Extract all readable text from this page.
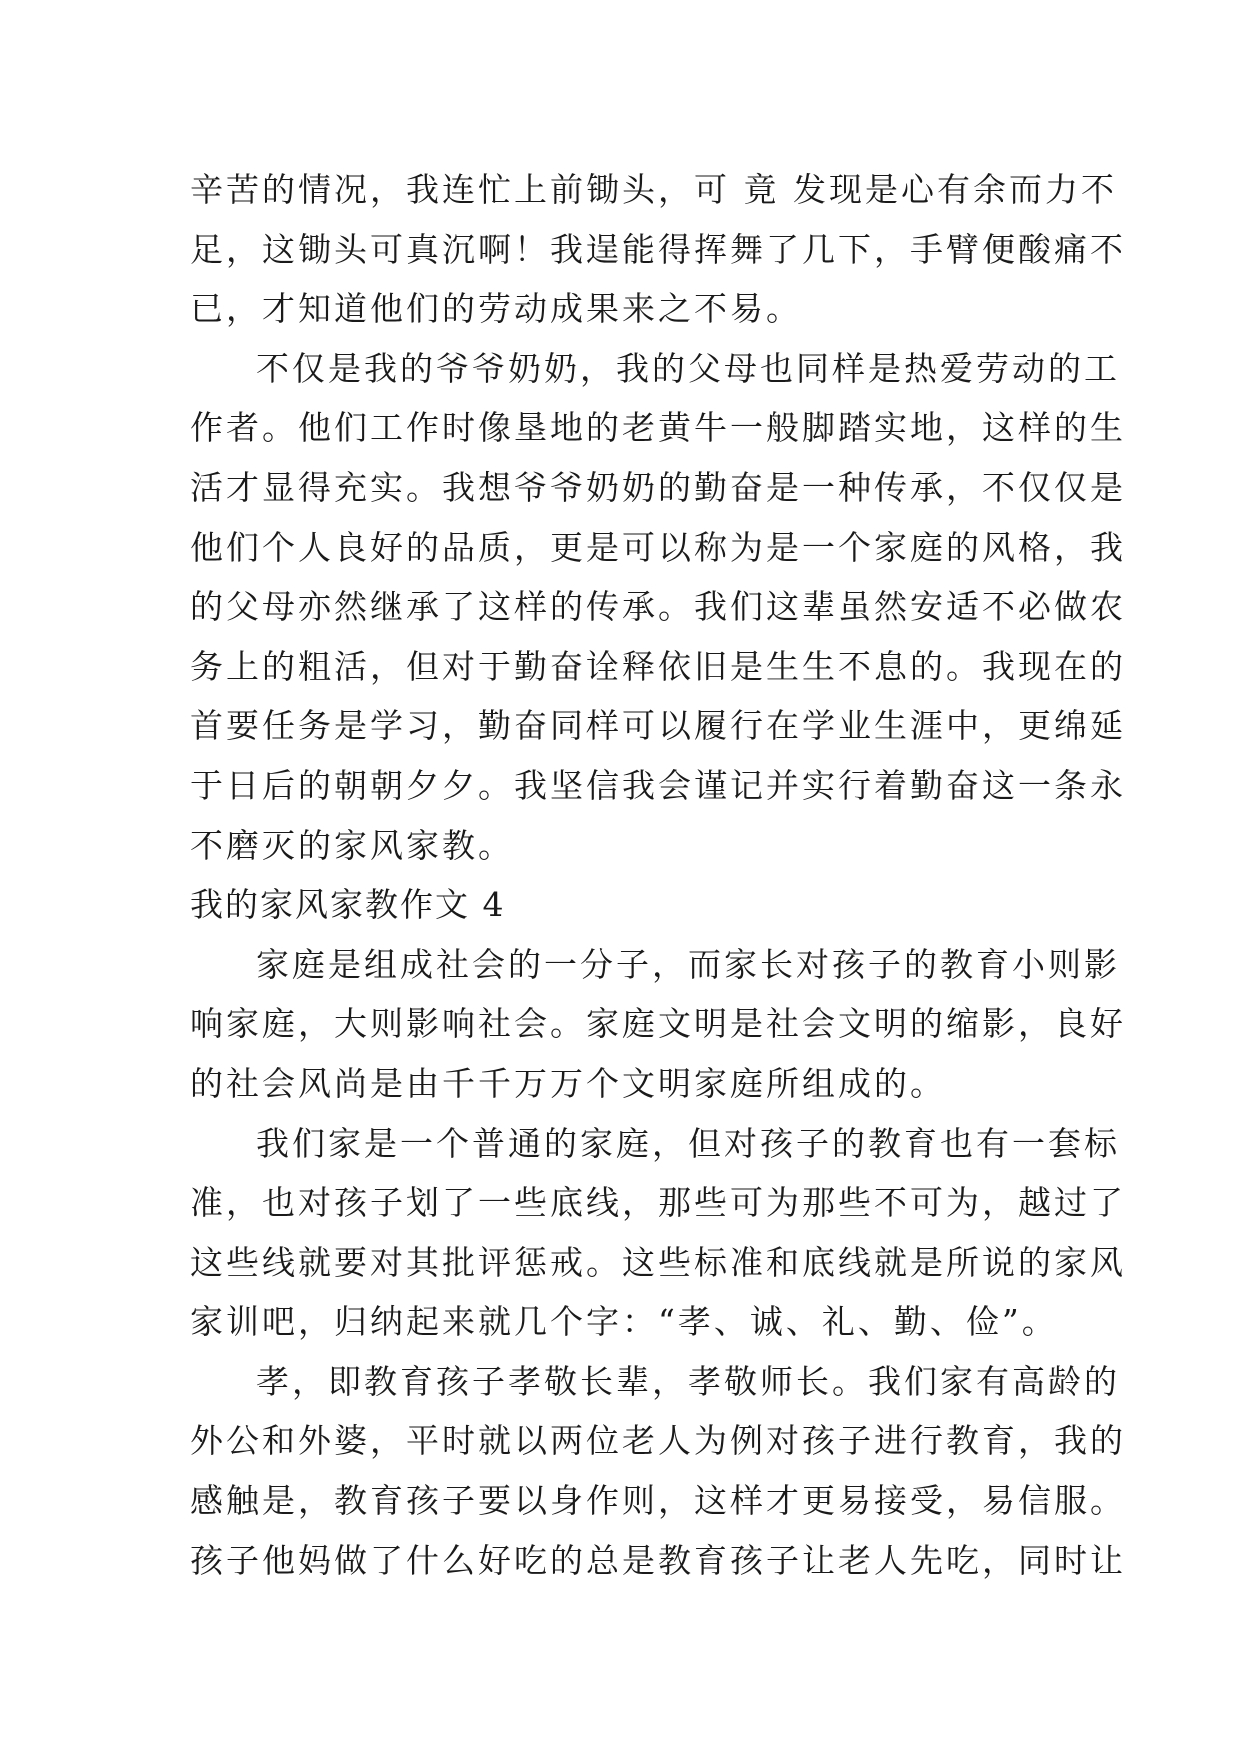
辛苦的情况，我连忙上前锄头，可 竟 发现是心有余而力不
足，这锄头可真沉啊！我逞能得挥舞了几下，手臂便酸痛不
已，才知道他们的劳动成果来之不易。
不仅是我的爷爷奶奶，我的父母也同样是热爱劳动的工
作者。他们工作时像垦地的老黄牛一般脚踏实地，这样的生
活才显得充实。我想爷爷奶奶的勤奋是一种传承，不仅仅是
他们个人良好的品质，更是可以称为是一个家庭的风格，我
的父母亦然继承了这样的传承。我们这辈虽然安适不必做农
务上的粗活，但对于勤奋诠释依旧是生生不息的。我现在的
首要任务是学习，勤奋同样可以履行在学业生涯中，更绵延
于日后的朝朝夕夕。我坚信我会谨记并实行着勤奋这一条永
不磨灭的家风家教。
我的家风家教作文 4
家庭是组成社会的一分子，而家长对孩子的教育小则影
响家庭，大则影响社会。家庭文明是社会文明的缩影，良好
的社会风尚是由千千万万个文明家庭所组成的。
我们家是一个普通的家庭，但对孩子的教育也有一套标
准，也对孩子划了一些底线，那些可为那些不可为，越过了
这些线就要对其批评惩戒。这些标准和底线就是所说的家风
家训吧，归纳起来就几个字：“孝、诚、礼、勤、俭”。
孝，即教育孩子孝敬长辈，孝敬师长。我们家有高龄的
外公和外婆，平时就以两位老人为例对孩子进行教育，我的
感触是，教育孩子要以身作则，这样才更易接受，易信服。
孩子他妈做了什么好吃的总是教育孩子让老人先吃，同时让
